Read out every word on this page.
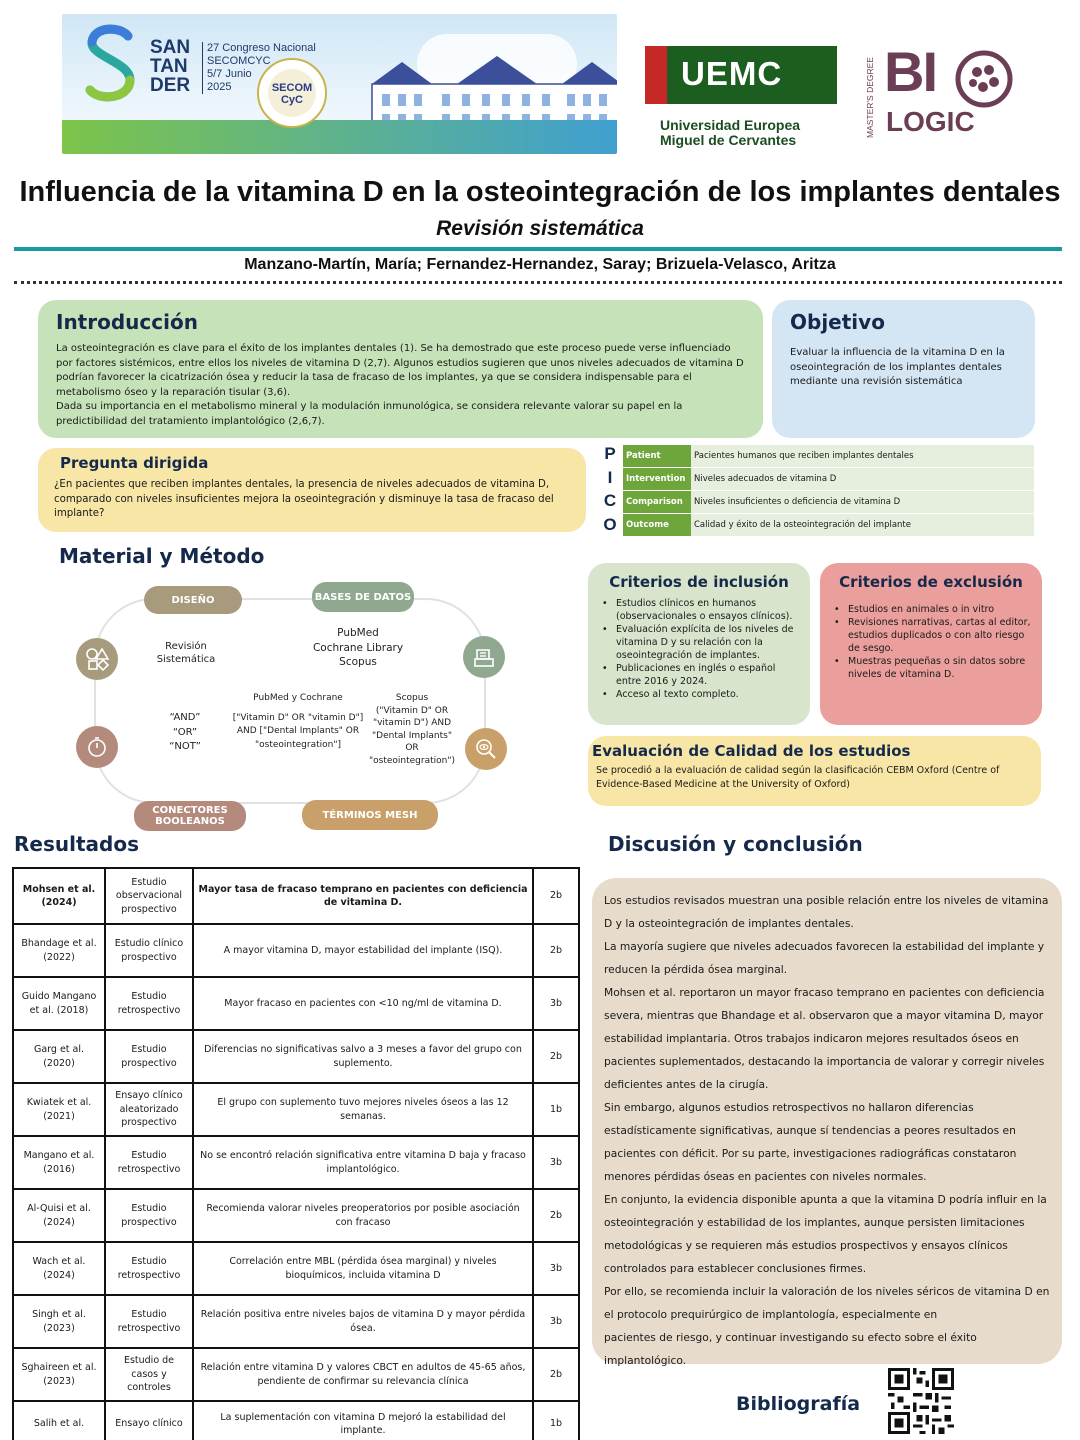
SAN
TAN
DER
27 Congreso Nacional
SECOMCYC
5/7 Junio
2025	SECOM CyC
UEMC
Universidad Europea
Miguel de Cervantes
MASTER'S DEGREE BI
LOGIC
Influencia de la vitamina D en la osteointegración de los implantes dentales
Revisión sistemática
Manzano-Martín, María; Fernandez-Hernandez, Saray; Brizuela-Velasco, Aritza
Introducción

La osteointegración es clave para el éxito de los implantes dentales (1). Se ha demostrado que este proceso puede verse influenciado por factores sistémicos, entre ellos los niveles de vitamina D (2,7). Algunos estudios sugieren que unos niveles adecuados de vitamina D podrían favorecer la cicatrización ósea y reducir la tasa de fracaso de los implantes, ya que se considera indispensable para el metabolismo óseo y la reparación tisular (3,6).

Dada su importancia en el metabolismo mineral y la modulación inmunológica, se considera relevante valorar su papel en la predictibilidad del tratamiento implantológico (2,6,7).

Objetivo

Evaluar la influencia de la vitamina D en la oseointegración de los implantes dentales mediante una revisión sistemática

Pregunta dirigida

¿En pacientes que reciben implantes dentales, la presencia de niveles adecuados de vitamina D, comparado con niveles insuficientes mejora la oseointegración y disminuye la tasa de fracaso del implante?

P
I
C
O
Patient	Pacientes humanos que reciben implantes dentales
Intervention	Niveles adecuados de vitamina D
Comparison	Niveles insuficientes o deficiencia de vitamina D
Outcome	Calidad y éxito de la osteointegración del implante
Material y Método
DISEÑO	BASES DE DATOS
CONECTORES
BOOLEANOS
TÉRMINOS MESH
Revisión
Sistemática
PubMed
Cochrane Library
Scopus
“AND”
“OR”
“NOT”
PubMed y Cochrane
["Vitamin D" OR "vitamin D"]
AND ["Dental Implants" OR
"osteointegration"]
Scopus
("Vitamin D" OR
"vitamin D") AND
"Dental Implants"
OR
"osteointegration")
Criterios de inclusión
• Estudios clínicos en humanos (observacionales o ensayos clínicos).
• Evaluación explícita de los niveles de vitamina D y su relación con la oseointegración de implantes.
• Publicaciones en inglés o español entre 2016 y 2024.
• Acceso al texto completo.
Criterios de exclusión
• Estudios en animales o in vitro
• Revisiones narrativas, cartas al editor, estudios duplicados o con alto riesgo de sesgo.
• Muestras pequeñas o sin datos sobre niveles de vitamina D.
Evaluación de Calidad de los estudios

Se procedió a la evaluación de calidad según la clasificación CEBM Oxford (Centre of Evidence-Based Medicine at the University of Oxford)

Resultados
Mohsen et al. (2024)	Estudio observacional prospectivo	Mayor tasa de fracaso temprano en pacientes con deficiencia de vitamina D.	2b
Bhandage et al. (2022)	Estudio clínico prospectivo	A mayor vitamina D, mayor estabilidad del implante (ISQ).	2b
Guido Mangano et al. (2018)	Estudio retrospectivo	Mayor fracaso en pacientes con <10 ng/ml de vitamina D.	3b
Garg et al. (2020)	Estudio prospectivo	Diferencias no significativas salvo a 3 meses a favor del grupo con suplemento.	2b
Kwiatek et al. (2021)	Ensayo clínico aleatorizado prospectivo	El grupo con suplemento tuvo mejores niveles óseos a las 12 semanas.	1b
Mangano et al. (2016)	Estudio retrospectivo	No se encontró relación significativa entre vitamina D baja y fracaso implantológico.	3b
Al-Quisi et al. (2024)	Estudio prospectivo	Recomienda valorar niveles preoperatorios por posible asociación con fracaso	2b
Wach et al. (2024)	Estudio retrospectivo	Correlación entre MBL (pérdida ósea marginal) y niveles bioquímicos, incluida vitamina D	3b
Singh et al. (2023)	Estudio retrospectivo	Relación positiva entre niveles bajos de vitamina D y mayor pérdida ósea.	3b
Sghaireen et al. (2023)	Estudio de casos y controles	Relación entre vitamina D y valores CBCT en adultos de 45-65 años, pendiente de confirmar su relevancia clínica	2b
Salih et al.	Ensayo clínico	La suplementación con vitamina D mejoró la estabilidad del implante.	1b
Discusión y conclusión

Los estudios revisados muestran una posible relación entre los niveles de vitamina D y la osteointegración de implantes dentales.

La mayoría sugiere que niveles adecuados favorecen la estabilidad del implante y reducen la pérdida ósea marginal.

Mohsen et al. reportaron un mayor fracaso temprano en pacientes con deficiencia severa, mientras que Bhandage et al. observaron que a mayor vitamina D, mayor estabilidad implantaria. Otros trabajos indicaron mejores resultados óseos en pacientes suplementados, destacando la importancia de valorar y corregir niveles deficientes antes de la cirugía.

Sin embargo, algunos estudios retrospectivos no hallaron diferencias estadísticamente significativas, aunque sí tendencias a peores resultados en pacientes con déficit. Por su parte, investigaciones radiográficas constataron menores pérdidas óseas en pacientes con niveles normales.

En conjunto, la evidencia disponible apunta a que la vitamina D podría influir en la osteointegración y estabilidad de los implantes, aunque persisten limitaciones metodológicas y se requieren más estudios prospectivos y ensayos clínicos controlados para establecer conclusiones firmes.

Por ello, se recomienda incluir la valoración de los niveles séricos de vitamina D en el protocolo prequirúrgico de implantología, especialmente en

pacientes de riesgo, y continuar investigando su efecto sobre el éxito implantológico.

Bibliografía
